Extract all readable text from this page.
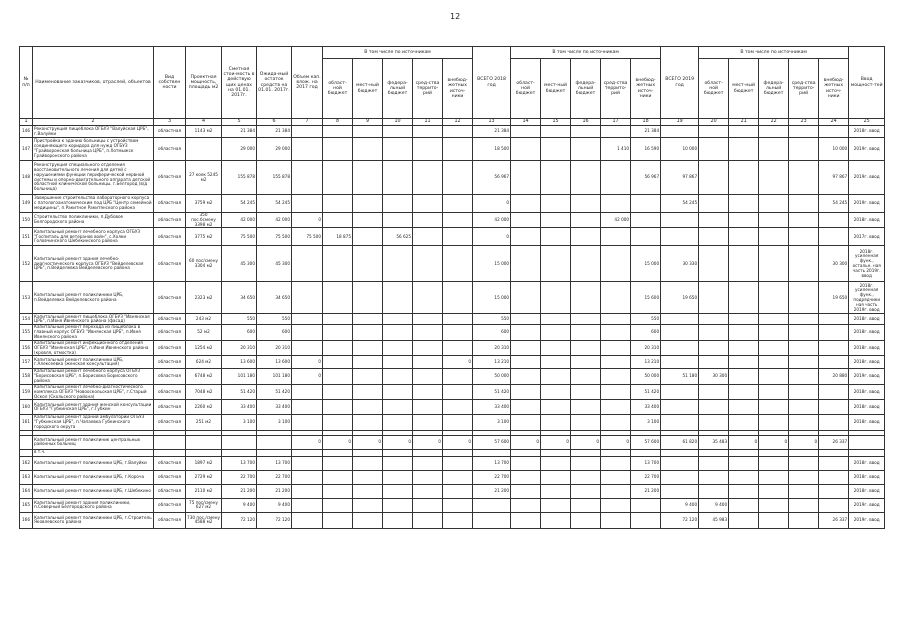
12
№ п/п	Наименование заказчиков, отраслей, объектов	Вид собствен ности	Проектная мощность, площадь м2	Сметная стои-мость в действую щих ценах на 01.01. 2017г.	Ожида-мый остаток средств на 01.01. 2017г.	Объем кап. влож. на 2017 год	В том числе по источникам					ВСЕГО 2018 год	В том числе по источникам					ВСЕГО 2019 год	В том числе по источникам					Ввод мощност-тей
							област-ной бюджет	мест-ный бюджет	федера-льный бюджет	сред-ства террито-рий	внебюд-жетных источ-ники		област-ной бюджет	мест-ный бюджет	федера-льный бюджет	сред-ства террито-рий	внебюд-жетных источ-ники		област-ной бюджет	мест-ный бюджет	федера-льный бюджет	сред-ства террито-рий	внебюд-жетных источ-ники	
1	2	3	4	5	6	7	8	9	10	11	12	13	14	15	16	17	18	19	20	21	22	23	24	25
146	Реконструкция пищеблока ОГБУЗ "Валуйская ЦРБ", г.Валуйки	областная	1143 м2	21 384	21 384							21 384					21 384							2018г. ввод
147	Пристройка к зданию больницы с устройством соединяющего коридора для нужд ОГБУЗ "Грайворонская больница ЦРБ", п.Хотмыжск Грайворонского района	областная		29 000	29 000							18 500				1 410	16 590	10 000					10 000	2019г. ввод
148	Реконструкция специального отделения восстановительного лечения для детей с нарушениями функции периферической нервной системы и опорно-двигательного аппарата детской областной клинической больницы, г.Белгород (в/д больница)	областная	27 коек 5245 м2	155 878	155 878							56 967					56 967	97 867					97 867	2019г. ввод
149	Завершение строительства лабораторного корпуса с патологоанатомическим под ЦРБ "Центр семейной медицины", п.Ракитное Ракитянского района	областная	3759 м2	54 245	54 245							0						54 245					54 245	2019г. ввод
150	Строительство поликлиники, п.Дубовое Белгородского района	областная	350 пос.бсмену 3398 м2	42 000	42 000	0						42 000				42 000								2018г. ввод
151	Капитальный ремонт лечебного корпуса ОГБУЗ "Госпиталь для ветеранов войн", с.Холки Головчинского Шебекинского района	областная	3775 м2	75 500	75 500	75 500	18 875		56 625			0												2017г. ввод
152	Капитальный ремонт здания лечебно-диагностического корпуса ОГБУЗ "Вейделевская ЦРБ", п.Вейделевка Вейделевского района	областная	60 пос/смену 3304 м2	45 300	45 300							15 000					15 000	30 330					30 300	2018г. усиленная функ., остальн. ная часть 2019г. ввод
153	Капитальный ремонт поликлиники ЦРБ, п.Вейделевка Вейделевского района	областная	2323 м2	34 650	34 650							15 000					15 600	19 650					19 650	2018г. усиленная функ., подрядчики ная часть 2019г. ввод
154	Капитальный ремонт пищеблока ОГБУЗ "Ивнянская ЦРБ", п.Ивня Ивнянского района (фасад)	областная	243 м2	550	550							550					550							2018г. ввод
155	Капитальный ремонт перехода из пищеблока в главный корпус ОГБУЗ "Ивнянская ЦРБ", п.Ивня Ивнянского района	областная	52 м2	600	600							600					600							2018г. ввод
156	Капитальный ремонт инфекционного отделения ОГБУЗ "Ивнянская ЦРБ", п.Ивня Ивнянского района (кровля, отмостка)	областная	1254 м2	20 310	20 310							20 310					20 310							2018г. ввод
157	Капитальный ремонт поликлиники ЦРБ, г.Алексеевка (женская консультация)	областная	624 м2	13 600	13 600	0					0	13 210					13 210							2018г. ввод
158	Капитальный ремонт лечебного корпуса ОГБУЗ "Борисовская ЦРБ", п.Борисовка Борисовского района	областная	6748 м2	101 180	101 180	0						50 000					50 000	51 180	30 300				20 880	2019г. ввод
159	Капитальный ремонт лечебно-диагностического комплекса ОГБУЗ "Новооскольская ЦРБ", г.Старый Оскол (Скольского района)	областная	7048 м2	51 420	51 420							51 420					51 420							2018г. ввод
160	Капитальный ремонт здания женской консультации ОГБУЗ "Губкинская ЦРБ", г.Губкин	областная	2260 м2	33 400	33 400							33 400					33 400							2018г. ввод
161	Капитальный ремонт зданий амбулатории ОГБУЗ "Губкинская ЦРБ", п.Чапаевка Губкинского городского округа	областная	251 м2	3 100	3 100							3 100					3 100							2018г. ввод

	Капитальный ремонт поликлиник центральных районных больниц					0	0	0	0	0	0	57 600	0	0	0	0	57 600	61 820	35 483	0	0	0	26 337	
	в т.ч.																							
162	Капитальный ремонт поликлиники ЦРБ, г.Валуйки	областная	1897 м2	13 700	13 700							13 700					13 700							2018г. ввод
163	Капитальный ремонт поликлиники ЦРБ, г.Короча	областная	2729 м2	22 700	22 700							22 700					22 700							2018г. ввод
164	Капитальный ремонт поликлиники ЦРБ, г.Шебекино	областная	2110 м2	21 200	21 200							21 200					21 200							2018г. ввод
165	Капитальный ремонт здания поликлиники, п.Северный Белгородского района	областная	75 пос/смену 627 м2	9 400	9 400													9 400	9 400					2019г. ввод
166	Капитальный ремонт поликлиники ЦРБ, г.Строитель Яковлевского района	областная	730 пос./смену 4588 м2	72 120	72 120													72 120	45 983				26 337	2019г. ввод
